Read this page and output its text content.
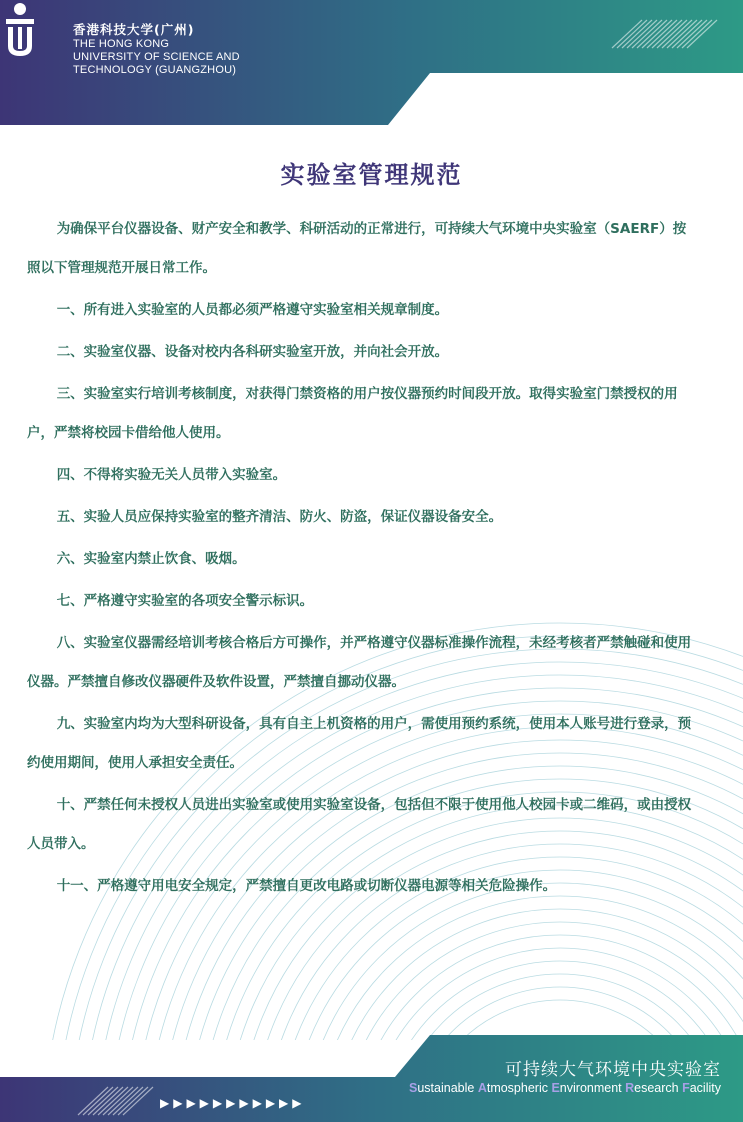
香港科技大学(广州)
THE HONG KONG
UNIVERSITY OF SCIENCE AND
TECHNOLOGY (GUANGZHOU)
实验室管理规范

为确保平台仪器设备、财产安全和教学、科研活动的正常进行，可持续大气环境中央实验室（SAERF）按照以下管理规范开展日常工作。

一、所有进入实验室的人员都必须严格遵守实验室相关规章制度。

二、实验室仪器、设备对校内各科研实验室开放，并向社会开放。

三、实验室实行培训考核制度，对获得门禁资格的用户按仪器预约时间段开放。取得实验室门禁授权的用户，严禁将校园卡借给他人使用。

四、不得将实验无关人员带入实验室。

五、实验人员应保持实验室的整齐清洁、防火、防盗，保证仪器设备安全。

六、实验室内禁止饮食、吸烟。

七、严格遵守实验室的各项安全警示标识。

八、实验室仪器需经培训考核合格后方可操作，并严格遵守仪器标准操作流程，未经考核者严禁触碰和使用仪器。严禁擅自修改仪器硬件及软件设置，严禁擅自挪动仪器。

九、实验室内均为大型科研设备，具有自主上机资格的用户，需使用预约系统，使用本人账号进行登录，预约使用期间，使用人承担安全责任。

十、严禁任何未授权人员进出实验室或使用实验室设备，包括但不限于使用他人校园卡或二维码，或由授权人员带入。

十一、严格遵守用电安全规定，严禁擅自更改电路或切断仪器电源等相关危险操作。

▶▶▶▶▶▶▶▶▶▶▶

可持续大气环境中央实验室

Sustainable Atmospheric Environment Research Facility
